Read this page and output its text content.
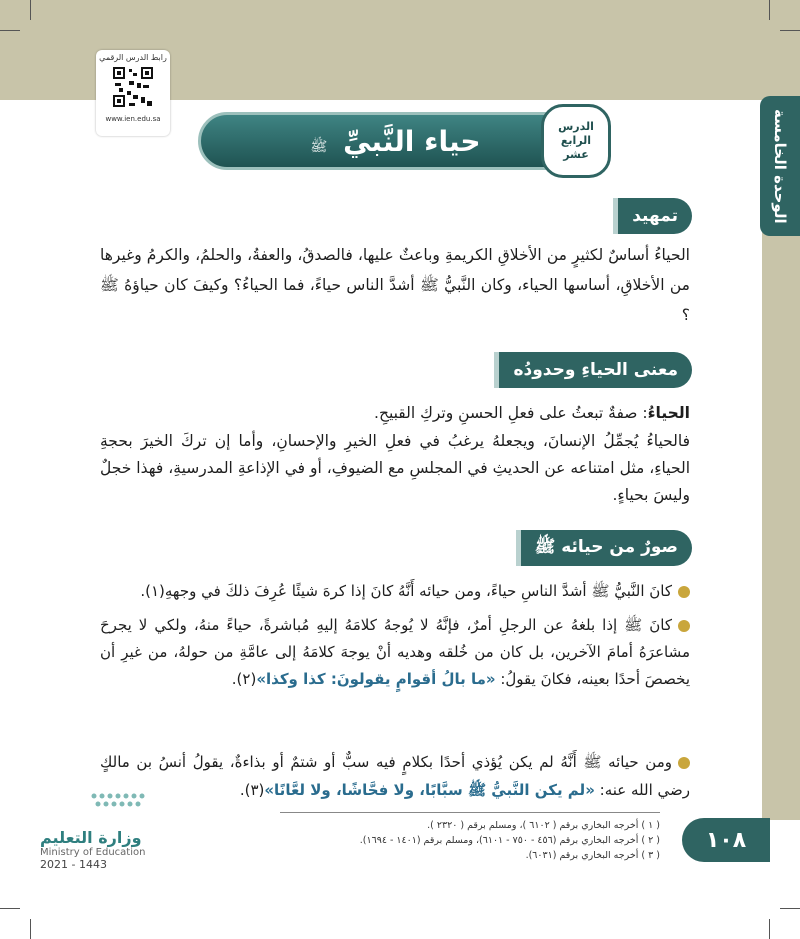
الوحدة الخامسة
رابط الدرس الرقمي
www.ien.edu.sa
حياء النَّبيِّ ﷺ
الدرس
الرابع
عشر
تمهيد
الحياءُ أساسٌ لكثيرٍ من الأخلاقِ الكريمةِ وباعثٌ عليها، فالصدقُ، والعفةُ، والحلمُ، والكرمُ وغيرها من الأخلاقِ، أساسها الحياء، وكان النَّبيُّ ﷺ أشدَّ الناس حياءً، فما الحياءُ؟ وكيفَ كان حياؤهُ ﷺ ؟
معنى الحياءِ وحدودُه
الحياءُ: صفةٌ تبعثُ على فعلِ الحسنِ وتركِ القبيحِ.
فالحياءُ يُجمِّلُ الإنسانَ، ويجعلهُ يرغبُ في فعلِ الخيرِ والإحسانِ، وأما إن تركَ الخيرَ بحجةِ الحياءِ، مثل امتناعه عن الحديثِ في المجلسِ مع الضيوفِ، أو في الإذاعةِ المدرسيةِ، فهذا خجلٌ وليسَ بحياءٍ.
صورٌ من حيائه ﷺ
كانَ النَّبيُّ ﷺ أشدَّ الناسِ حياءً، ومن حيائه أَنَّهُ كانَ إذا كرهَ شيئًا عُرِفَ ذلكَ في وجههِ(١).
كانَ ﷺ إذا بلغهُ عن الرجلِ أمرٌ، فإنَّهُ لا يُوجهُ كلامَهُ إليهِ مُباشرةً، حياءً منهُ، ولكي لا يجرحَ مشاعرَهُ أمامَ الآخرين، بل كان من خُلقه وهديه أنْ يوجهَ كلامَهُ إلى عامَّةِ من حولهُ، من غيرِ أن يخصصَ أحدًا بعينه، فكانَ يقولُ: «ما بالُ أقوامٍ يقولونَ: كذا وكذا»(٢).
ومن حيائه ﷺ أَنَّهُ لم يكن يُؤذي أحدًا بكلامٍ فيه سبٌّ أو شتمٌ أو بذاءةٌ، يقولُ أنسُ بن مالكٍ رضي الله عنه: «لم يكن النَّبيُّ ﷺ سبَّابًا، ولا فحَّاشًا، ولا لعَّانًا»(٣).
( ١ ) أخرجه البخاري برقم ( ٦١٠٢ )، ومسلم برقم ( ٢٣٢٠ ).
( ٢ ) أخرجه البخاري برقم (٤٥٦ - ٧٥٠ - ٦١٠١)، ومسلم برقم (١٤٠١ - ١٦٩٤).
( ٣ ) أخرجه البخاري برقم (٦٠٣١).
١٠٨
وزارة التعليم
Ministry of Education
2021 - 1443
